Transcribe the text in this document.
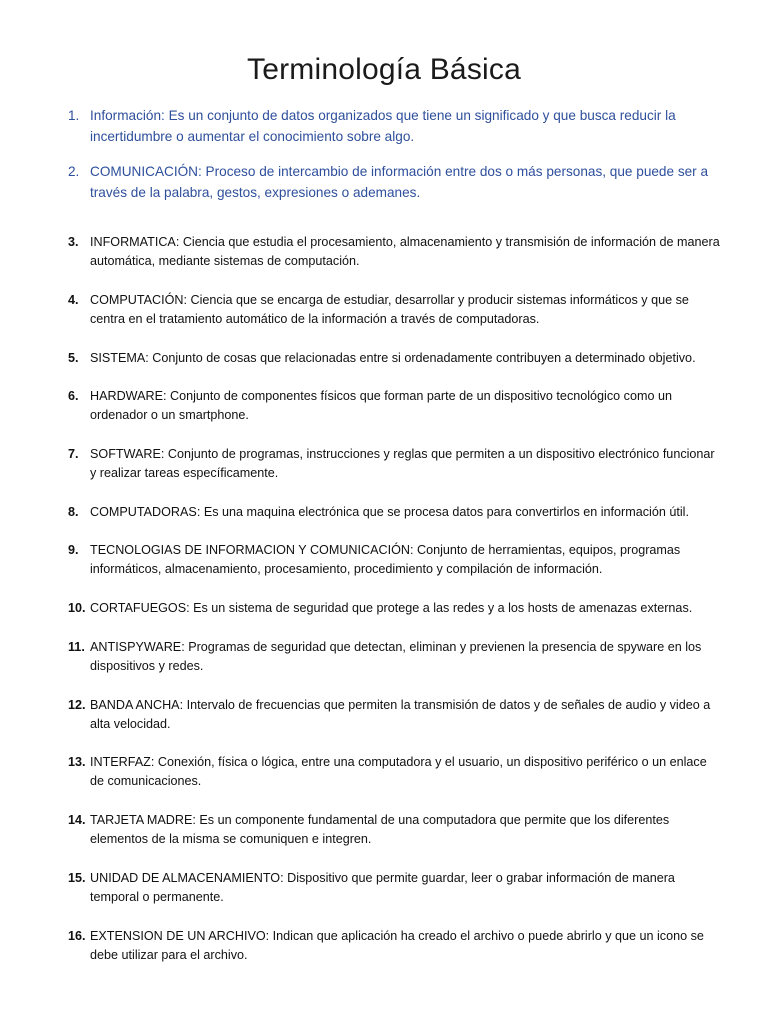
Terminología Básica
1. Información: Es un conjunto de datos organizados que tiene un significado y que busca reducir la incertidumbre o aumentar el conocimiento sobre algo.
2. COMUNICACIÓN: Proceso de intercambio de información entre dos o más personas, que puede ser a través de la palabra, gestos, expresiones o ademanes.
3. INFORMATICA: Ciencia que estudia el procesamiento, almacenamiento y transmisión de información de manera automática, mediante sistemas de computación.
4. COMPUTACIÓN: Ciencia que se encarga de estudiar, desarrollar y producir sistemas informáticos y que se centra en el tratamiento automático de la información a través de computadoras.
5. SISTEMA: Conjunto de cosas que relacionadas entre si ordenadamente contribuyen a determinado objetivo.
6. HARDWARE: Conjunto de componentes físicos que forman parte de un dispositivo tecnológico como un ordenador o un smartphone.
7. SOFTWARE: Conjunto de programas, instrucciones y reglas que permiten a un dispositivo electrónico funcionar y realizar tareas específicamente.
8. COMPUTADORAS: Es una maquina electrónica que se procesa datos para convertirlos en información útil.
9. TECNOLOGIAS DE INFORMACION Y COMUNICACIÓN: Conjunto de herramientas, equipos, programas informáticos, almacenamiento, procesamiento, procedimiento y compilación de información.
10. CORTAFUEGOS: Es un sistema de seguridad que protege a las redes y a los hosts de amenazas externas.
11. ANTISPYWARE: Programas de seguridad que detectan, eliminan y previenen la presencia de spyware en los dispositivos y redes.
12. BANDA ANCHA: Intervalo de frecuencias que permiten la transmisión de datos y de señales de audio y video a alta velocidad.
13. INTERFAZ: Conexión, física o lógica, entre una computadora y el usuario, un dispositivo periférico o un enlace de comunicaciones.
14. TARJETA MADRE: Es un componente fundamental de una computadora que permite que los diferentes elementos de la misma se comuniquen e integren.
15. UNIDAD DE ALMACENAMIENTO: Dispositivo que permite guardar, leer o grabar información de manera temporal o permanente.
16. EXTENSION DE UN ARCHIVO: Indican que aplicación ha creado el archivo o puede abrirlo y que un icono se debe utilizar para el archivo.
